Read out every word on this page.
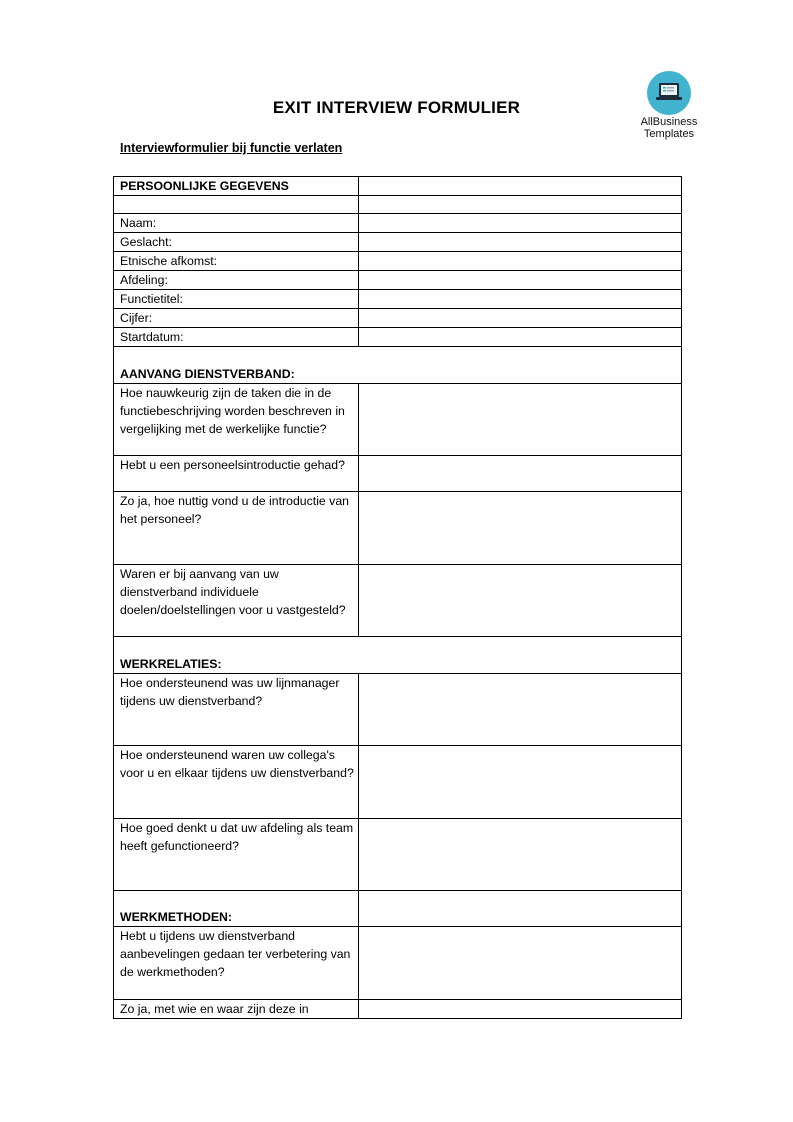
AllBusiness
Templates
EXIT INTERVIEW FORMULIER
Interviewformulier bij functie verlaten
PERSOONLIJKE GEGEVENS	

Naam:	
Geslacht:	
Etnische afkomst:	
Afdeling:	
Functietitel:	
Cijfer:	
Startdatum:	
AANVANG DIENSTVERBAND:	
Hoe nauwkeurig zijn de taken die in de functiebeschrijving worden beschreven in vergelijking met de werkelijke functie?	
Hebt u een personeelsintroductie gehad?	
Zo ja, hoe nuttig vond u de introductie van het personeel?	
Waren er bij aanvang van uw dienstverband individuele doelen/doelstellingen voor u vastgesteld?	
WERKRELATIES:	
Hoe ondersteunend was uw lijnmanager tijdens uw dienstverband?	
Hoe ondersteunend waren uw collega's voor u en elkaar tijdens uw dienstverband?	
Hoe goed denkt u dat uw afdeling als team heeft gefunctioneerd?	
WERKMETHODEN:	
Hebt u tijdens uw dienstverband aanbevelingen gedaan ter verbetering van de werkmethoden?	
Zo ja, met wie en waar zijn deze in	
